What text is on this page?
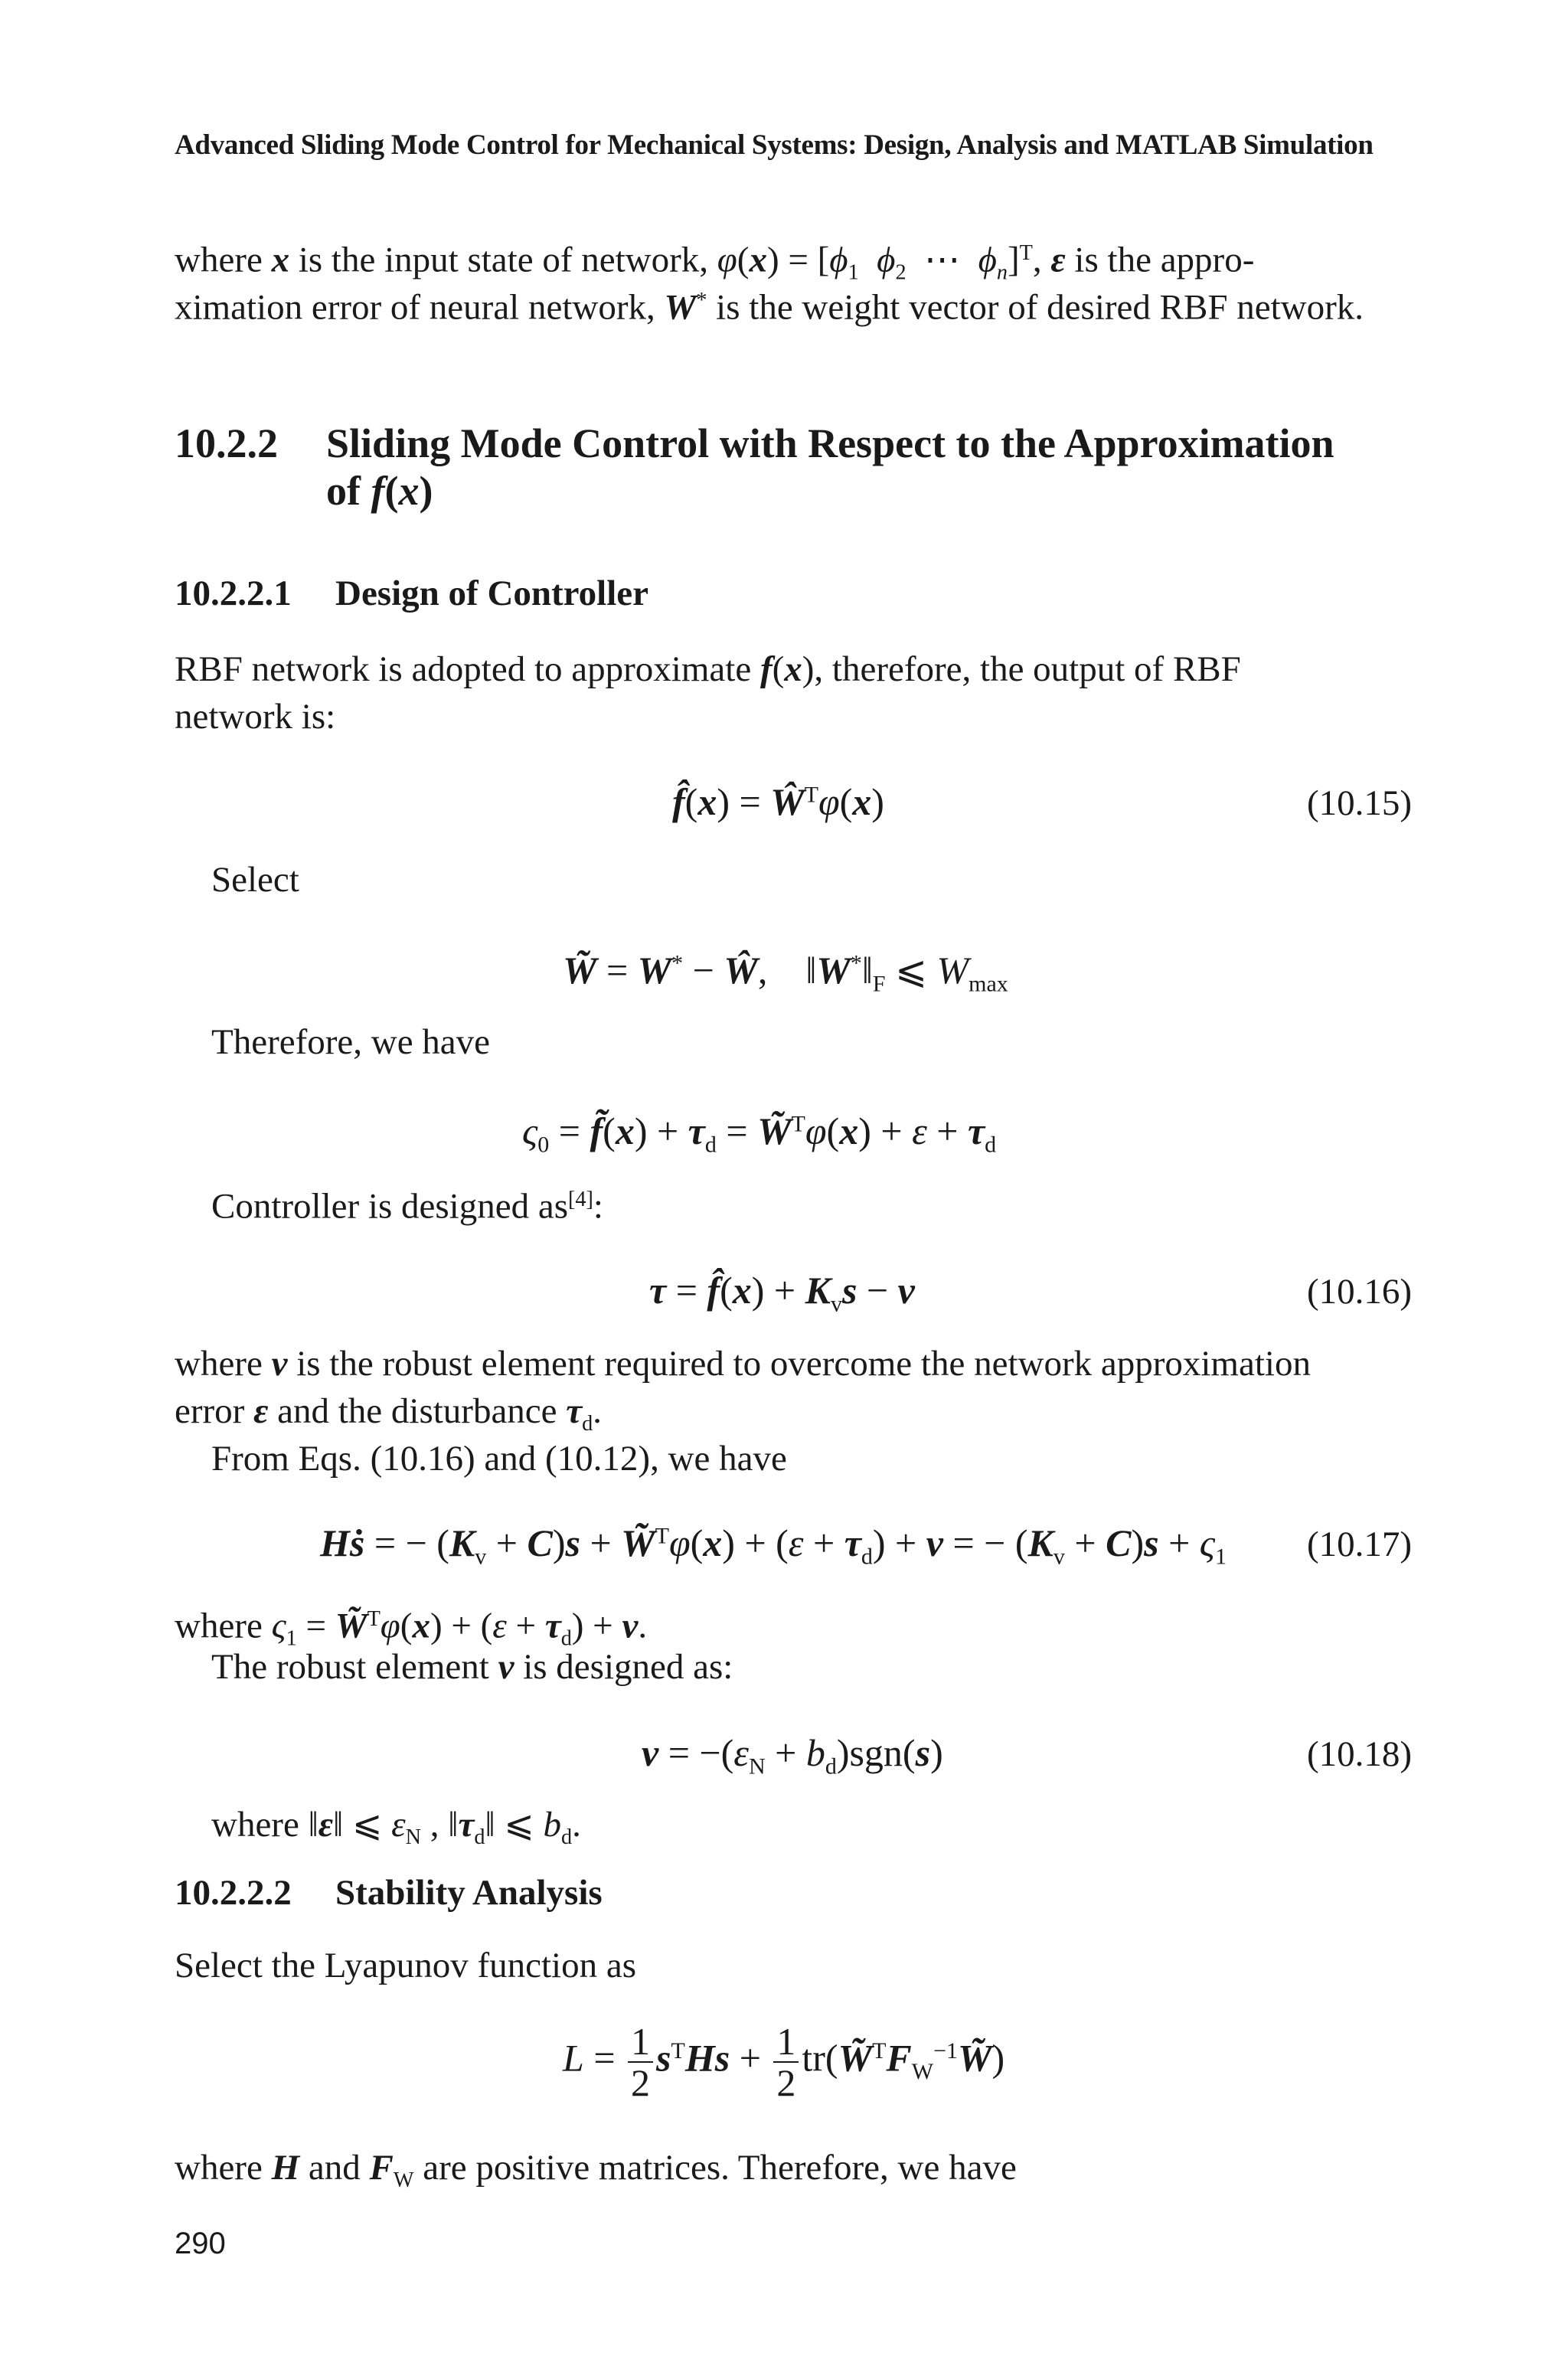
Advanced Sliding Mode Control for Mechanical Systems: Design, Analysis and MATLAB Simulation

where x is the input state of network, $\varphi(x) = [\phi_1$ $\phi_2$  ⋯  $\phi_n]^T$, ε is the appro-

ximation error of neural network, W* is the weight vector of desired RBF network.

10.2.2 Sliding Mode Control with Respect to the Approximation
of f(x)
10.2.2.1 Design of Controller

RBF network is adopted to approximate f(x), therefore, the output of RBF

network is:

f̂(x) = $Ŵ^T\varphi(x)$	(10.15)

Select

W̃ = W* − Ŵ,    $‖W^*‖_F$ ⩽ $W_{max}$

Therefore, we have

$\varsigma_0$ = f̃(x) + $\tau_d$ = W̃$^T$φ(x) + $\varepsilon + \tau_d$

Controller is designed as[4]:

τ = f̂(x) + $K_vs - v$	(10.16)

where v is the robust element required to overcome the network approximation

error ε and the disturbance $\tau_d$.

From Eqs. (10.16) and (10.12), we have

Hṡ = − $(K_v + C)s$ + W̃$^T$φ(x) + $(\varepsilon + \tau_d) + v$ = − $(K_v + C)s + \varsigma_1$ (10.17)

where $\varsigma_1$ = W̃$^T$φ(x) + $(\varepsilon + \tau_d) + v$.

The robust element v is designed as:

$v = -(\varepsilon_N + b_d)sgn(s)$	(10.18)

where ‖ε‖ ⩽ $\varepsilon_N$ , $‖\tau_d‖$ ⩽ $b_d$.

10.2.2.2 Stability Analysis

Select the Lyapunov function as

$L = \frac{1}{2} s^THs + \frac{1}{2}$ $tr(W̃^TF_W^{-1}W̃)$

where H and $F_W$ are positive matrices. Therefore, we have

290
